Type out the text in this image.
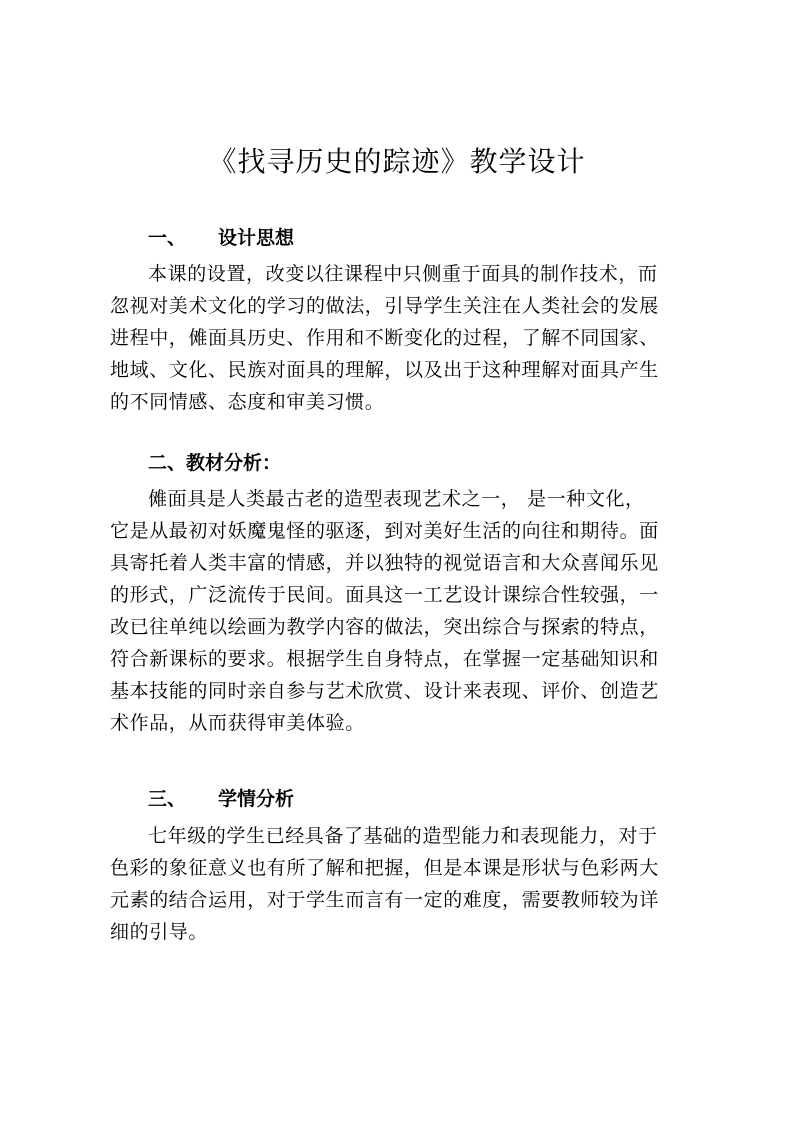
《找寻历史的踪迹》教学设计
一、 设计思想
本课的设置，改变以往课程中只侧重于面具的制作技术，而
忽视对美术文化的学习的做法，引导学生关注在人类社会的发展
进程中，傩面具历史、作用和不断变化的过程，了解不同国家、
地域、文化、民族对面具的理解，以及出于这种理解对面具产生
的不同情感、态度和审美习惯。
二、教材分析：
傩面具是人类最古老的造型表现艺术之一， 是一种文化，
它是从最初对妖魔鬼怪的驱逐，到对美好生活的向往和期待。面
具寄托着人类丰富的情感，并以独特的视觉语言和大众喜闻乐见
的形式，广泛流传于民间。面具这一工艺设计课综合性较强，一
改已往单纯以绘画为教学内容的做法，突出综合与探索的特点，
符合新课标的要求。根据学生自身特点，在掌握一定基础知识和
基本技能的同时亲自参与艺术欣赏、设计来表现、评价、创造艺
术作品，从而获得审美体验。
三、 学情分析
七年级的学生已经具备了基础的造型能力和表现能力，对于
色彩的象征意义也有所了解和把握，但是本课是形状与色彩两大
元素的结合运用，对于学生而言有一定的难度，需要教师较为详
细的引导。
